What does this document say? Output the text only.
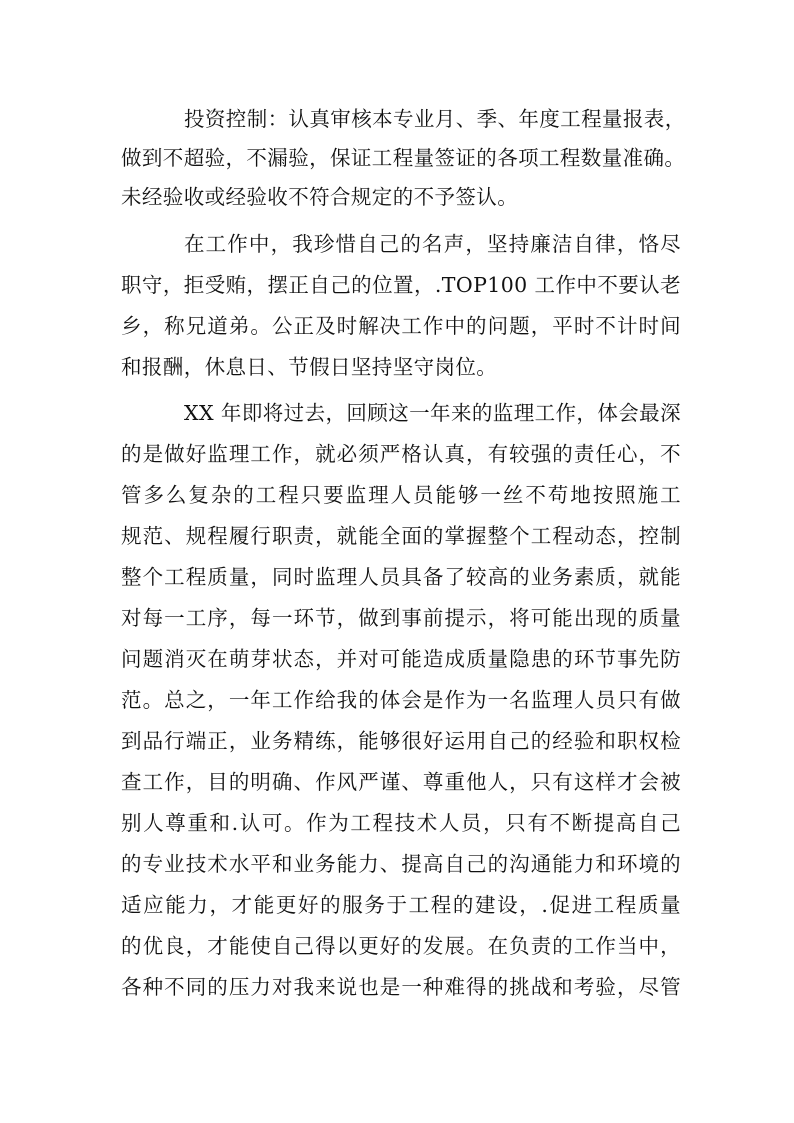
投资控制：认真审核本专业月、季、年度工程量报表，
做到不超验，不漏验，保证工程量签证的各项工程数量准确。
未经验收或经验收不符合规定的不予签认。
在工作中，我珍惜自己的名声，坚持廉洁自律，恪尽
职守，拒受贿，摆正自己的位置，.TOP100 工作中不要认老
乡，称兄道弟。公正及时解决工作中的问题，平时不计时间
和报酬，休息日、节假日坚持坚守岗位。
XX 年即将过去，回顾这一年来的监理工作，体会最深
的是做好监理工作，就必须严格认真，有较强的责任心，不
管多么复杂的工程只要监理人员能够一丝不苟地按照施工
规范、规程履行职责，就能全面的掌握整个工程动态，控制
整个工程质量，同时监理人员具备了较高的业务素质，就能
对每一工序，每一环节，做到事前提示，将可能出现的质量
问题消灭在萌芽状态，并对可能造成质量隐患的环节事先防
范。总之，一年工作给我的体会是作为一名监理人员只有做
到品行端正，业务精练，能够很好运用自己的经验和职权检
查工作，目的明确、作风严谨、尊重他人，只有这样才会被
别人尊重和.认可。作为工程技术人员，只有不断提高自己
的专业技术水平和业务能力、提高自己的沟通能力和环境的
适应能力，才能更好的服务于工程的建设，.促进工程质量
的优良，才能使自己得以更好的发展。在负责的工作当中，
各种不同的压力对我来说也是一种难得的挑战和考验，尽管
